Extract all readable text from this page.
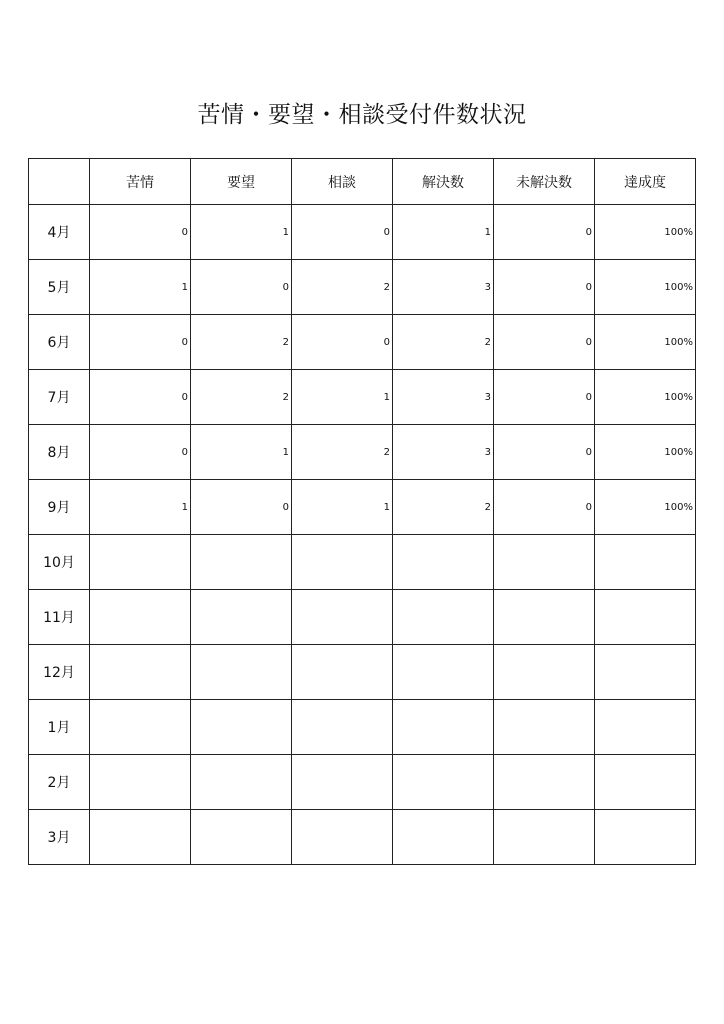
苦情・要望・相談受付件数状況
	苦情	要望	相談	解決数	未解決数	達成度
4月	0	1	0	1	0	100%
5月	1	0	2	3	0	100%
6月	0	2	0	2	0	100%
7月	0	2	1	3	0	100%
8月	0	1	2	3	0	100%
9月	1	0	1	2	0	100%
10月						
11月						
12月						
1月						
2月						
3月						
